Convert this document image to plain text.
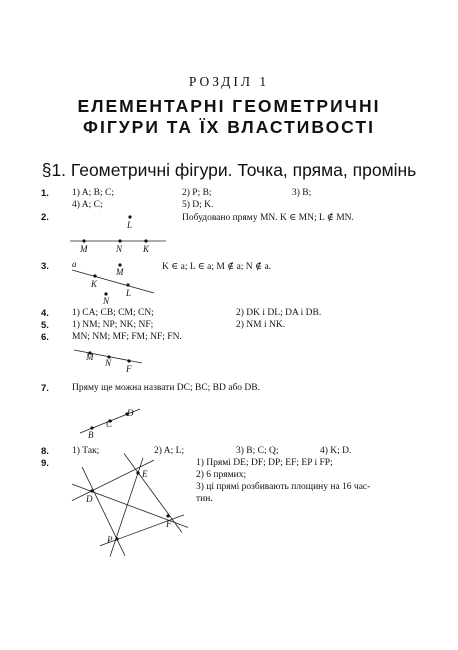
РОЗДІЛ 1
ЕЛЕМЕНТАРНІ ГЕОМЕТРИЧНІ
ФІГУРИ ТА ЇХ ВЛАСТИВОСТІ
§1. Геометричні фігури. Точка, пряма, промінь
1. 1) A; B; C;	2) P; B;	3) B;
4) A; C;	5) D; K.
2.	Побудовано пряму MN. K ∈ MN; L ∉ MN.
L
M	N K
3.	K ∈ a; L ∈ a; M ∉ a; N ∉ a.
a
M
K
L
N
4. 1) CA; CB; CM; CN;	2) DK і DL; DA і DB.
5. 1) NM; NP; NK; NF;	2) NM і NK.
6. MN; NM; MF; FM; NF; FN.
M
N
F
7. Пряму ще можна назвати DC; BC; BD або DB.
B
C
D
8. 1) Так;	2) A; L;	3) B; C; Q;	4) K; D.
9.	1) Прямі DE; DF; DP; EF; EP і FP;
2) 6 прямих;
3) ці прямі розбивають площину на 16 час-
тин.
E
D
F
P
